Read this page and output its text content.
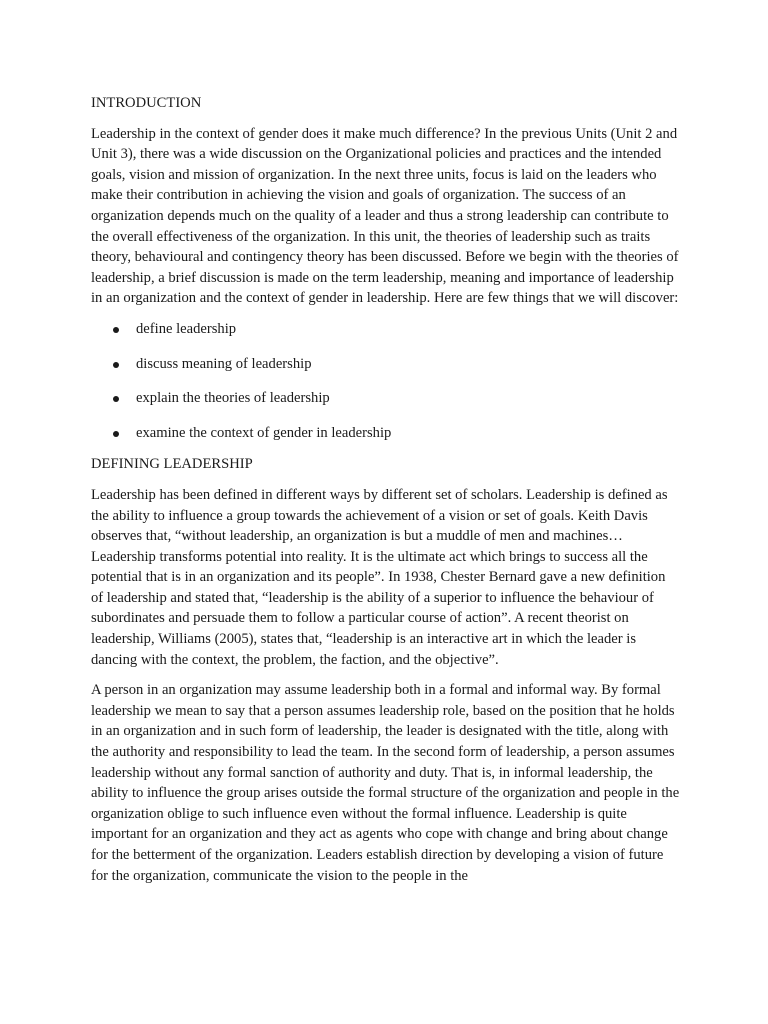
INTRODUCTION

Leadership in the context of gender does it make much difference? In the previous Units (Unit 2 and Unit 3), there was a wide discussion on the Organizational policies and practices and the intended goals, vision and mission of organization. In the next three units, focus is laid on the leaders who make their contribution in achieving the vision and goals of organization. The success of an organization depends much on the quality of a leader and thus a strong leadership can contribute to the overall effectiveness of the organization. In this unit, the theories of leadership such as traits theory, behavioural and contingency theory has been discussed. Before we begin with the theories of leadership, a brief discussion is made on the term leadership, meaning and importance of leadership in an organization and the context of gender in leadership. Here are few things that we will discover:

define leadership
discuss meaning of leadership
explain the theories of leadership
examine the context of gender in leadership
DEFINING LEADERSHIP

Leadership has been defined in different ways by different set of scholars. Leadership is defined as the ability to influence a group towards the achievement of a vision or set of goals. Keith Davis observes that, “without leadership, an organization is but a muddle of men and machines…Leadership transforms potential into reality. It is the ultimate act which brings to success all the potential that is in an organization and its people”. In 1938, Chester Bernard gave a new definition of leadership and stated that, “leadership is the ability of a superior to influence the behaviour of subordinates and persuade them to follow a particular course of action”. A recent theorist on leadership, Williams (2005), states that, “leadership is an interactive art in which the leader is dancing with the context, the problem, the faction, and the objective”.

A person in an organization may assume leadership both in a formal and informal way. By formal leadership we mean to say that a person assumes leadership role, based on the position that he holds in an organization and in such form of leadership, the leader is designated with the title, along with the authority and responsibility to lead the team. In the second form of leadership, a person assumes leadership without any formal sanction of authority and duty. That is, in informal leadership, the ability to influence the group arises outside the formal structure of the organization and people in the organization oblige to such influence even without the formal influence. Leadership is quite important for an organization and they act as agents who cope with change and bring about change for the betterment of the organization. Leaders establish direction by developing a vision of future for the organization, communicate the vision to the people in the
